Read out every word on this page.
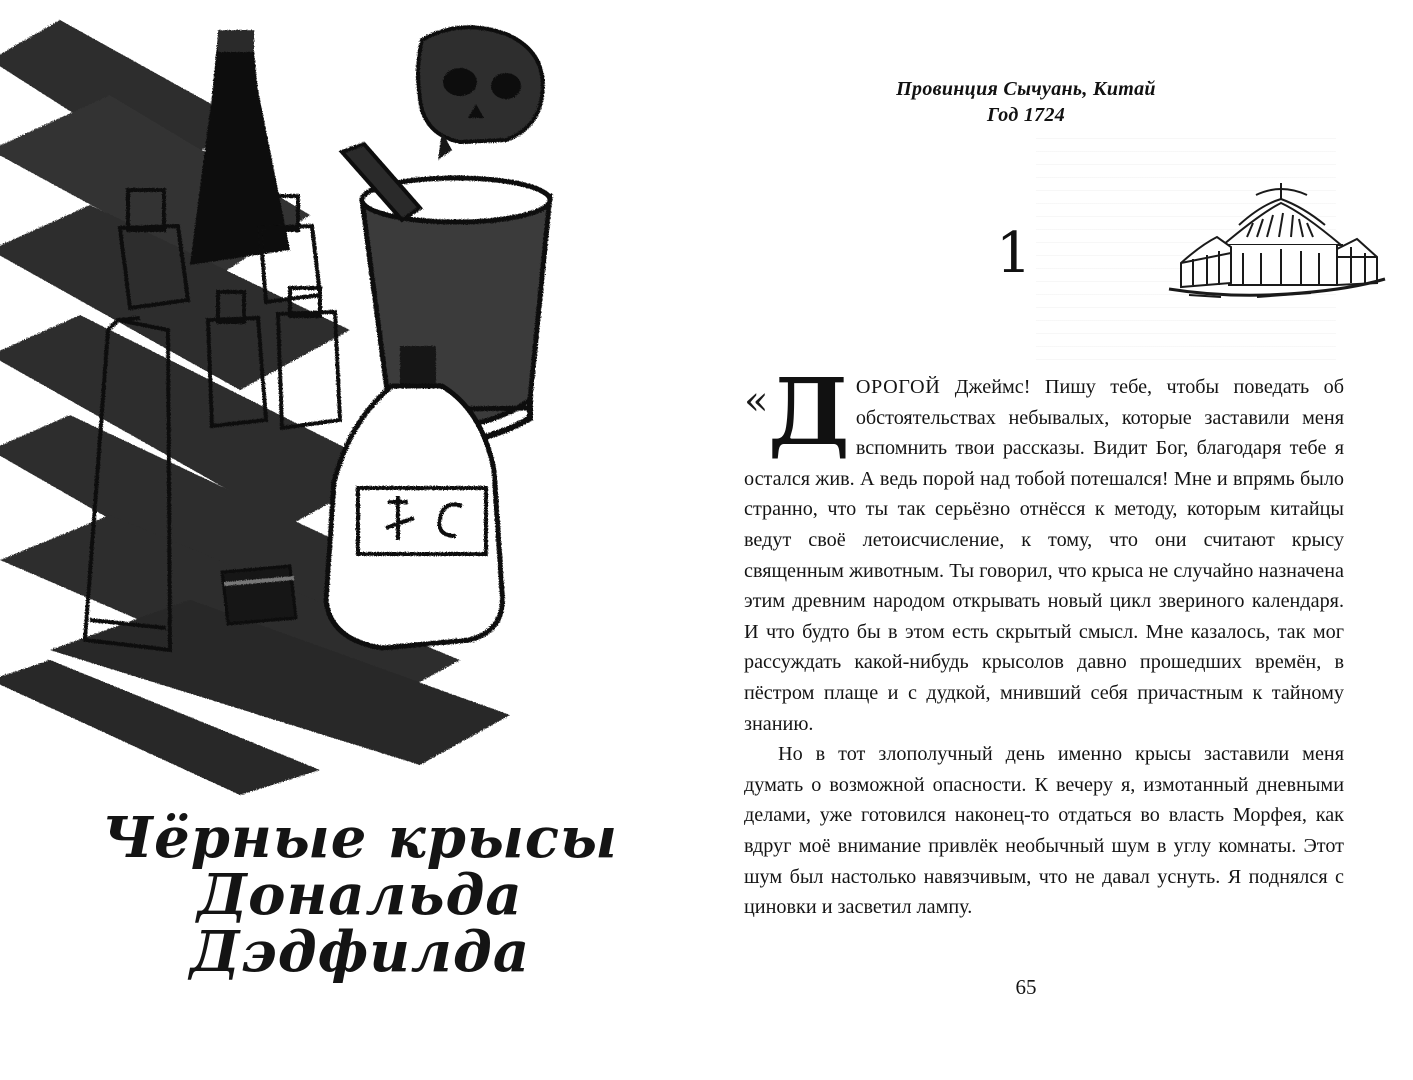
Чёрные крысы
Дональда Дэдфилда
Провинция Сычуань, Китай
Год 1724
1

« Д ОРОГОЙ Джеймс! Пишу тебе, чтобы поведать об обстоятельствах небывалых, которые заставили меня вспомнить твои рассказы. Видит Бог, благодаря тебе я остался жив. А ведь порой над тобой потешался! Мне и впрямь было странно, что ты так серьёзно отнёсся к методу, которым китайцы ведут своё летоисчисление, к тому, что они считают крысу священным животным. Ты говорил, что крыса не случайно назначена этим древним народом открывать новый цикл звериного календаря. И что будто бы в этом есть скрытый смысл. Мне казалось, так мог рассуждать какой-нибудь крысолов давно прошедших времён, в пёстром плаще и с дудкой, мнивший себя причастным к тайному знанию.

Но в тот злополучный день именно крысы заставили меня думать о возможной опасности. К вечеру я, измотанный дневными делами, уже готовился наконец-то отдаться во власть Морфея, как вдруг моё внимание привлёк необычный шум в углу комнаты. Этот шум был настолько навязчивым, что не давал уснуть. Я поднялся с циновки и засветил лампу.

65
